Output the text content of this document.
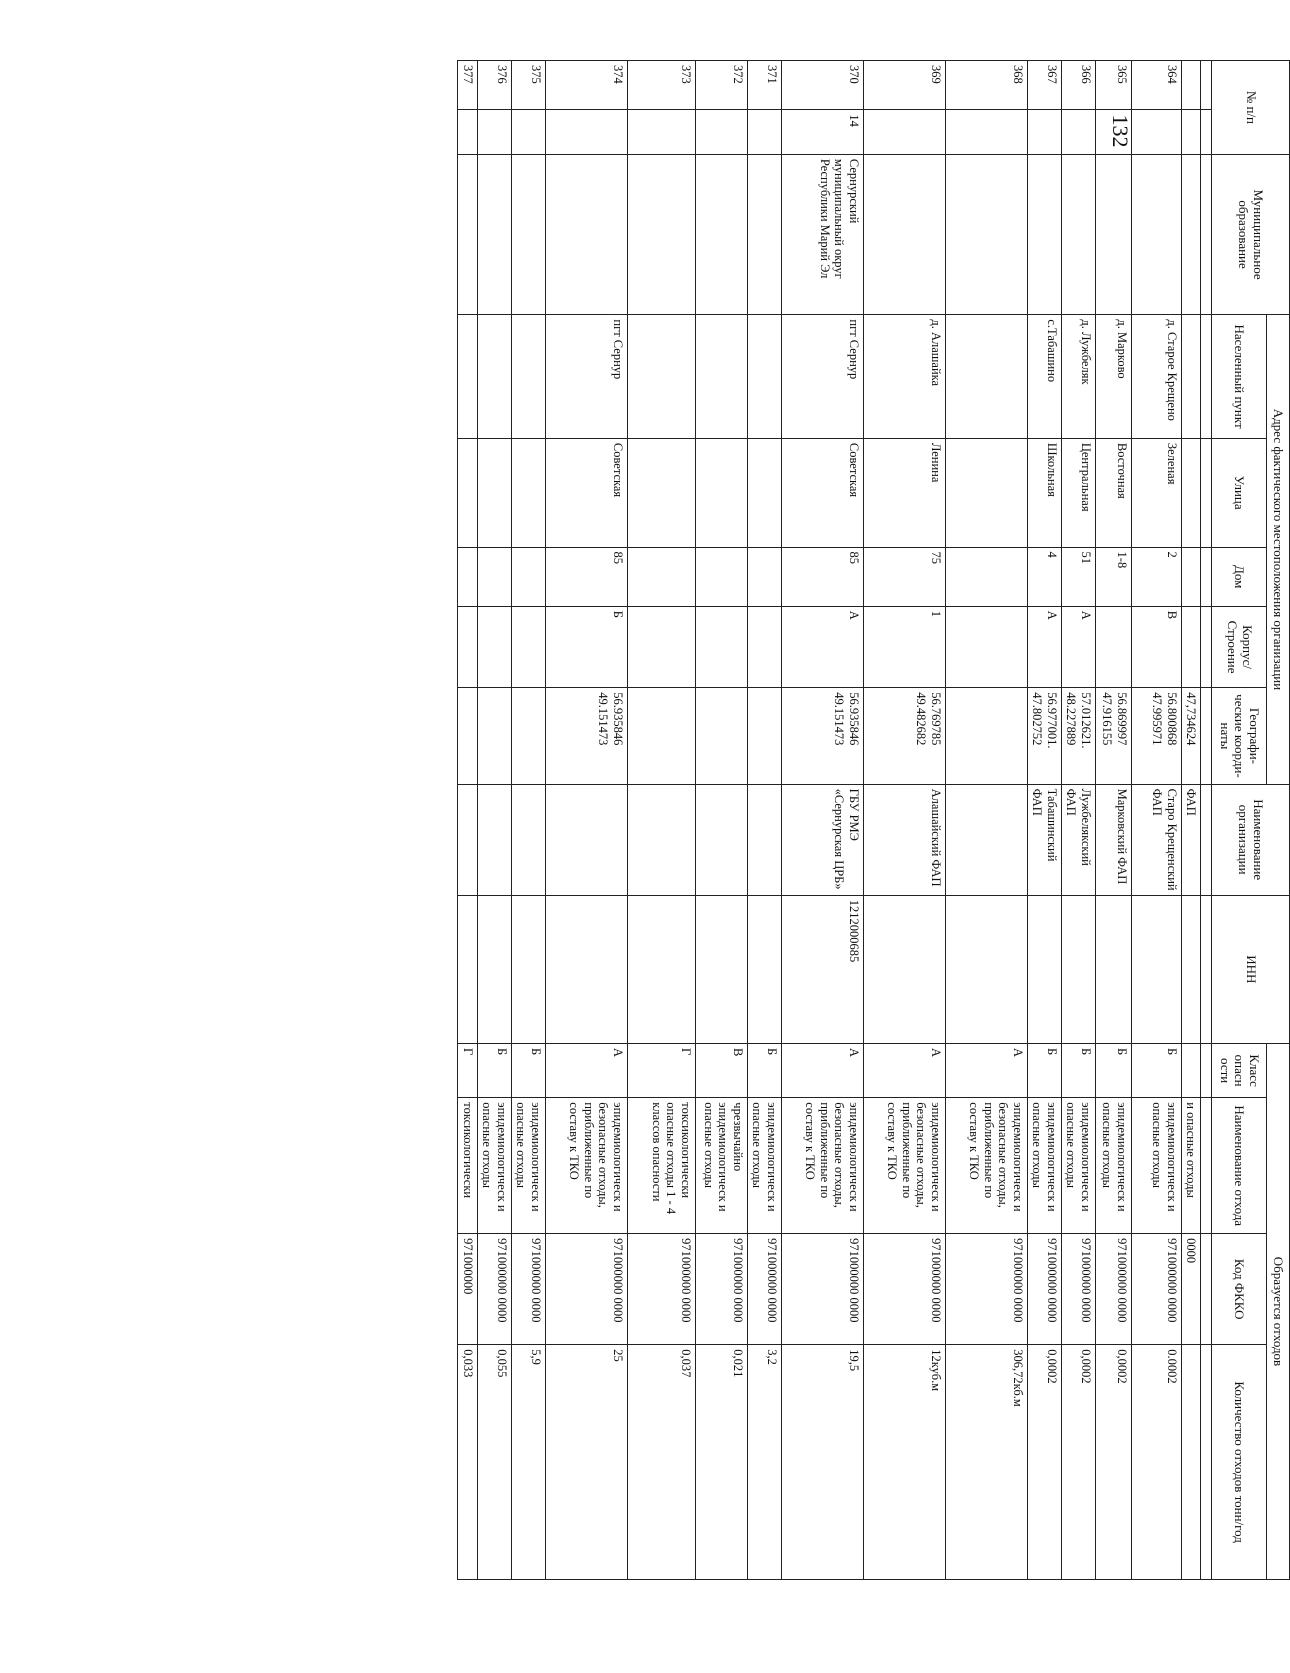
132
№ п/п		Муниципальное образование	Адрес фактического местоположения организации					Наименование организации	ИНН	Образуется отходов			
			Населенный пункт	Улица	Дом	Корпус/ Строение	Географи-ческие коорди-наты			Класс опасн ости	Наименование отхода	Код ФККО	Количество отходов тонн/год

							47,734624	ФАП			и опасные отходы	0000	
364			д. Старое Крещено	Зеленая	2	В	56.800868 47.995971	Старо Крещенский ФАП		Б	эпидемиологическ и опасные отходы	971000000 0000	0.0002
365			д. Марково	Восточная	1-8		56.869997 47.916155	Марковский ФАП		Б	эпидемиологическ и опасные отходы	971000000 0000	0,0002
366			д. Лужбеляк	Центральная	51	А	57.012621. 48.227889	Лужбелякский ФАП		Б	эпидемиологическ и опасные отходы	971000000 0000	0,0002
367			с.Табашино	Школьная	4	А	56.977001. 47.802752	Табашинский ФАП		Б	эпидемиологическ и опасные отходы	971000000 0000	0,0002
368										А	эпидемиологическ и безопасные отходы, приближенные по составу к ТКО	971000000 0000	306,72кб.м
369			д. Алашайка	Ленина	75	1	56.769785 49.482682	Алашайский ФАП		А	эпидемиологическ и безопасные отходы, приближенные по составу к ТКО	971000000 0000	12куб.м
370	14	Сернурский муниципальный округ Республики Марий Эл	пгт Сернур	Советская	85	А	56.935846 49.151473	ГБУ РМЭ «Сернурская ЦРБ»	1212000685	А	эпидемиологическ и безопасные отходы, приближенные по составу к ТКО	971000000 0000	19,5
371										Б	эпидемиологическ и опасные отходы	971000000 0000	3,2
372										В	чрезвычайно эпидемиологическ и опасные отходы	971000000 0000	0,021
373										Г	токсикологически опасные отходы 1 - 4 классов опасности	971000000 0000	0,037
374			пгт Сернур	Советская	85	Б	56.935846 49.151473			А	эпидемиологическ и безопасные отходы, приближенные по составу к ТКО	971000000 0000	25
375										Б	эпидемиологическ и опасные отходы	971000000 0000	5,9
376										Б	эпидемиологическ и опасные отходы	971000000 0000	0,055
377										Г	токсикологически	971000000	0,033
